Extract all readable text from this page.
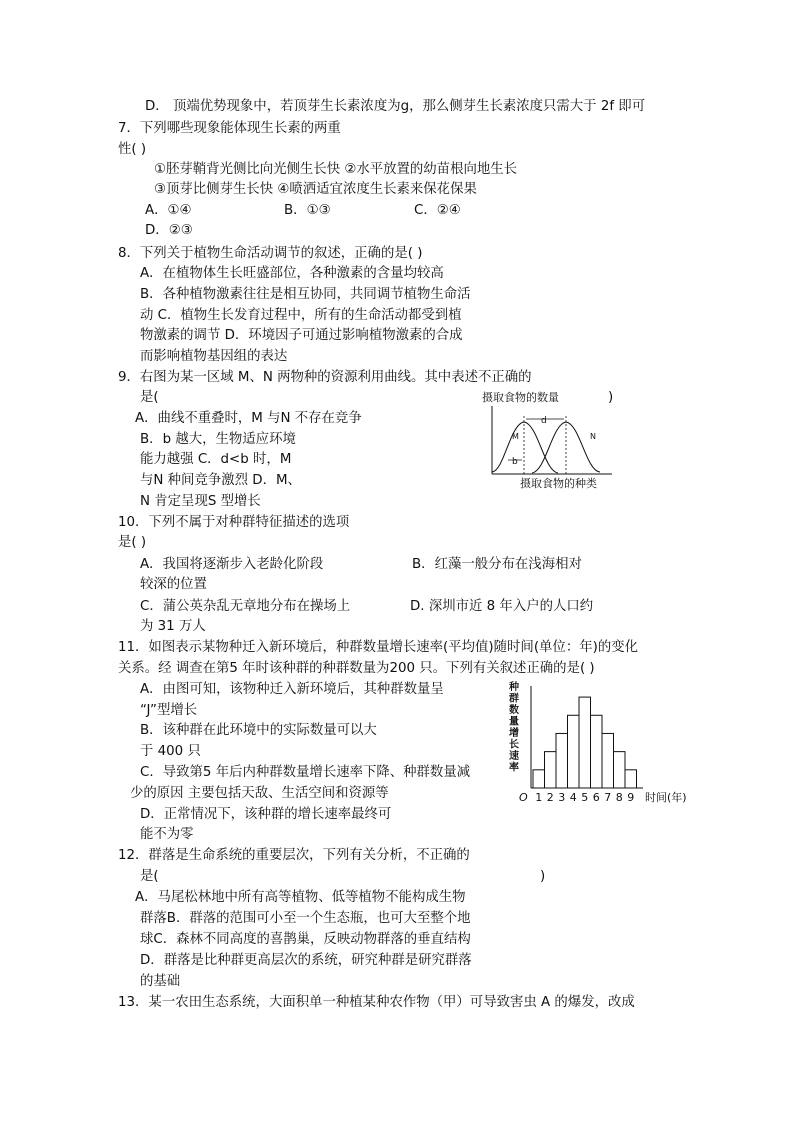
D． 顶端优势现象中，若顶芽生长素浓度为g，那么侧芽生长素浓度只需大于 2f 即可
7．下列哪些现象能体现生长素的两重
性( )
①胚芽鞘背光侧比向光侧生长快 ②水平放置的幼苗根向地生长
③顶芽比侧芽生长快 ④喷洒适宜浓度生长素来保花保果
A．①④	B．①③	C．②④
D．②③
8．下列关于植物生命活动调节的叙述，正确的是( )
A．在植物体生长旺盛部位，各种激素的含量均较高
B．各种植物激素往往是相互协同，共同调节植物生命活
动 C．植物生长发育过程中，所有的生命活动都受到植
物激素的调节 D．环境因子可通过影响植物激素的合成
而影响植物基因组的表达
9．右图为某一区域 M、N 两物种的资源利用曲线。其中表述不正确的
是(	)
A．曲线不重叠时，M 与N 不存在竞争
B．b 越大，生物适应环境
能力越强 C．d<b 时，M
与N 种间竞争激烈 D．M、
N 肯定呈现S 型增长
摄取食物的数量
d
b
M	N
摄取食物的种类
10．下列不属于对种群特征描述的选项
是( )
A．我国将逐渐步入老龄化阶段	B．红藻一般分布在浅海相对
较深的位置
C．蒲公英杂乱无章地分布在操场上	D. 深圳市近 8 年入户的人口约
为 31 万人
11．如图表示某物种迁入新环境后，种群数量增长速率(平均值)随时间(单位：年)的变化
关系。经 调查在第5 年时该种群的种群数量为200 只。下列有关叙述正确的是( )
A．由图可知，该物种迁入新环境后，其种群数量呈
“J”型增长
B．该种群在此环境中的实际数量可以大
于 400 只
C．导致第5 年后内种群数量增长速率下降、种群数量减
少的原因 主要包括天敌、生活空间和资源等
D．正常情况下，该种群的增长速率最终可
能不为零
种
群
数
量
增
长
速
率
1 2 3 4 5 6 7 8 9
O	时间(年)
12．群落是生命系统的重要层次，下列有关分析，不正确的
是(	)
A．马尾松林地中所有高等植物、低等植物不能构成生物
群落B．群落的范围可小至一个生态瓶，也可大至整个地
球C．森林不同高度的喜鹊巢，反映动物群落的垂直结构
D．群落是比种群更高层次的系统，研究种群是研究群落
的基础
13．某一农田生态系统，大面积单一种植某种农作物（甲）可导致害虫 A 的爆发，改成
